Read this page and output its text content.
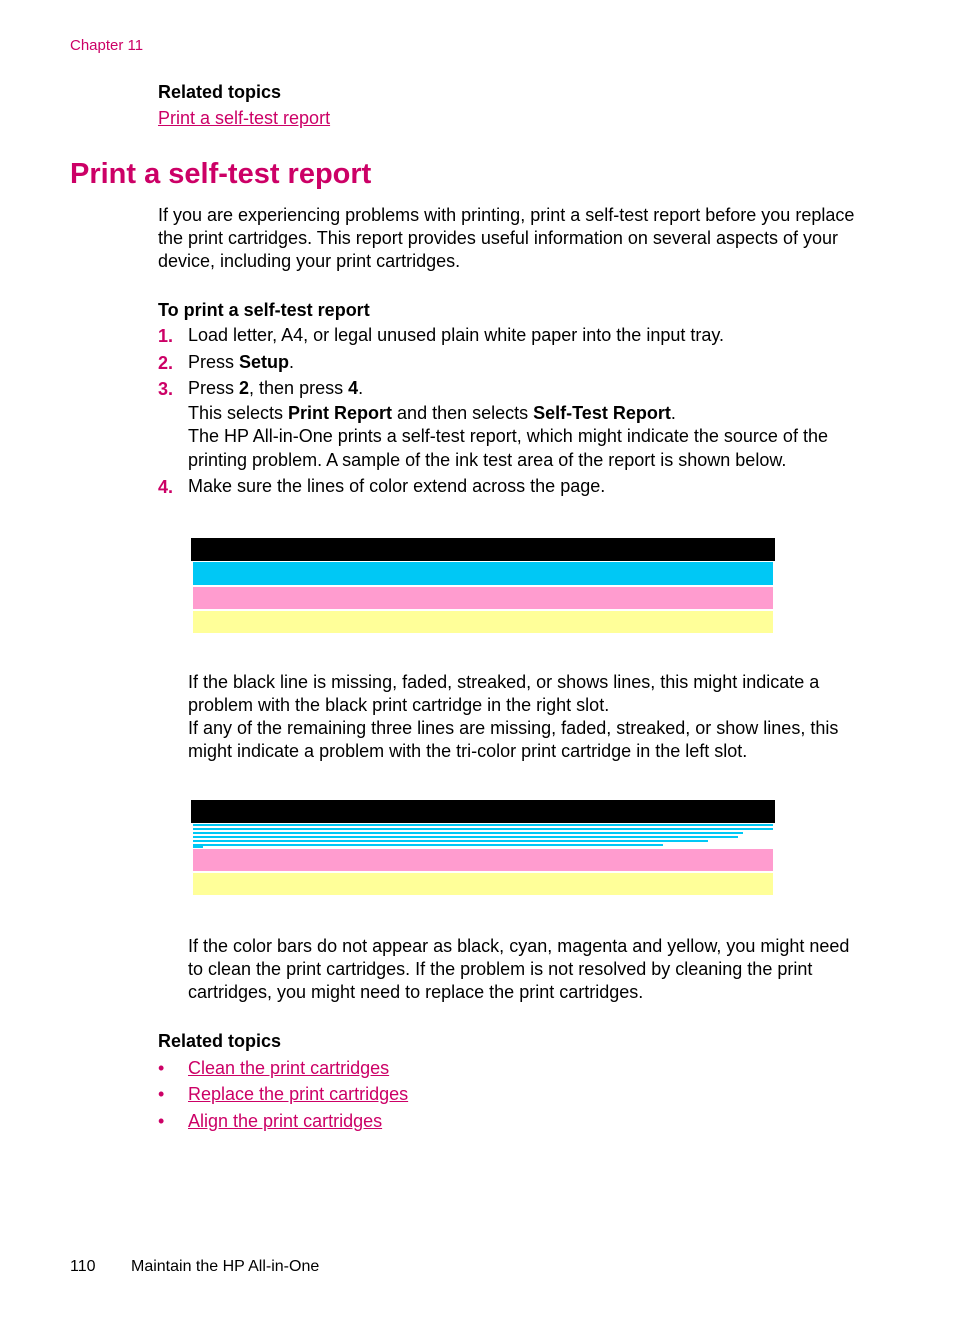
Chapter 11
Related topics
Print a self-test report
Print a self-test report
If you are experiencing problems with printing, print a self-test report before you replace
the print cartridges. This report provides useful information on several aspects of your
device, including your print cartridges.
To print a self-test report
1. Load letter, A4, or legal unused plain white paper into the input tray.
2. Press Setup.
3. Press 2, then press 4.
This selects Print Report and then selects Self-Test Report.
The HP All-in-One prints a self-test report, which might indicate the source of the
printing problem. A sample of the ink test area of the report is shown below.
4. Make sure the lines of color extend across the page.
If the black line is missing, faded, streaked, or shows lines, this might indicate a
problem with the black print cartridge in the right slot.
If any of the remaining three lines are missing, faded, streaked, or show lines, this
might indicate a problem with the tri-color print cartridge in the left slot.
If the color bars do not appear as black, cyan, magenta and yellow, you might need
to clean the print cartridges. If the problem is not resolved by cleaning the print
cartridges, you might need to replace the print cartridges.
Related topics
• Clean the print cartridges
• Replace the print cartridges
• Align the print cartridges
110 Maintain the HP All-in-One
